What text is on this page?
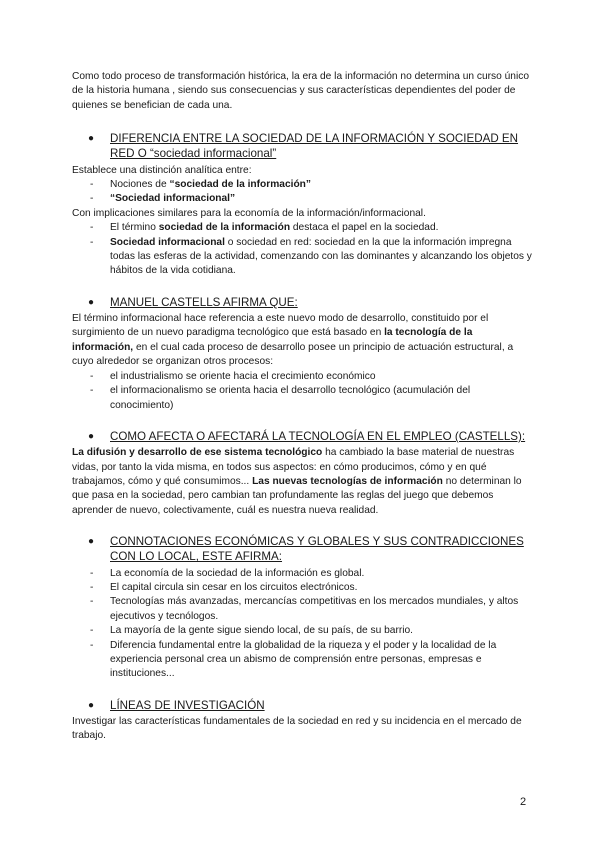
Como todo proceso de transformación histórica, la era de la información no determina un curso único de la historia humana , siendo sus consecuencias y sus características dependientes del poder de quienes se benefician de cada una.

● DIFERENCIA ENTRE LA SOCIEDAD DE LA INFORMACIÓN Y SOCIEDAD EN RED O “sociedad informacional”

Establece una distinción analítica entre:

- Nociones de “sociedad de la información”
- “Sociedad informacional”

Con implicaciones similares para la economía de la información/informacional.

- El término sociedad de la información destaca el papel en la sociedad.
- Sociedad informacional o sociedad en red: sociedad en la que la información impregna todas las esferas de la actividad, comenzando con las dominantes y alcanzando los objetos y hábitos de la vida cotidiana.
● MANUEL CASTELLS AFIRMA QUE:

El término informacional hace referencia a este nuevo modo de desarrollo, constituido por el surgimiento de un nuevo paradigma tecnológico que está basado en la tecnología de la información, en el cual cada proceso de desarrollo posee un principio de actuación estructural, a cuyo alrededor se organizan otros procesos:

- el industrialismo se oriente hacia el crecimiento económico
- el informacionalismo se orienta hacia el desarrollo tecnológico (acumulación del conocimiento)
● COMO AFECTA O AFECTARÁ LA TECNOLOGÍA EN EL EMPLEO (CASTELLS):

La difusión y desarrollo de ese sistema tecnológico ha cambiado la base material de nuestras vidas, por tanto la vida misma, en todos sus aspectos: en cómo producimos, cómo y en qué trabajamos, cómo y qué consumimos... Las nuevas tecnologías de información no determinan lo que pasa en la sociedad, pero cambian tan profundamente las reglas del juego que debemos aprender de nuevo, colectivamente, cuál es nuestra nueva realidad.

● CONNOTACIONES ECONÓMICAS Y GLOBALES Y SUS CONTRADICCIONES CON LO LOCAL, ESTE AFIRMA:
- La economía de la sociedad de la información es global.
- El capital circula sin cesar en los circuitos electrónicos.
- Tecnologías más avanzadas, mercancías competitivas en los mercados mundiales, y altos ejecutivos y tecnólogos.
- La mayoría de la gente sigue siendo local, de su país, de su barrio.
- Diferencia fundamental entre la globalidad de la riqueza y el poder y la localidad de la experiencia personal crea un abismo de comprensión entre personas, empresas e instituciones...
● LÍNEAS DE INVESTIGACIÓN

Investigar las características fundamentales de la sociedad en red y su incidencia en el mercado de trabajo.

2
